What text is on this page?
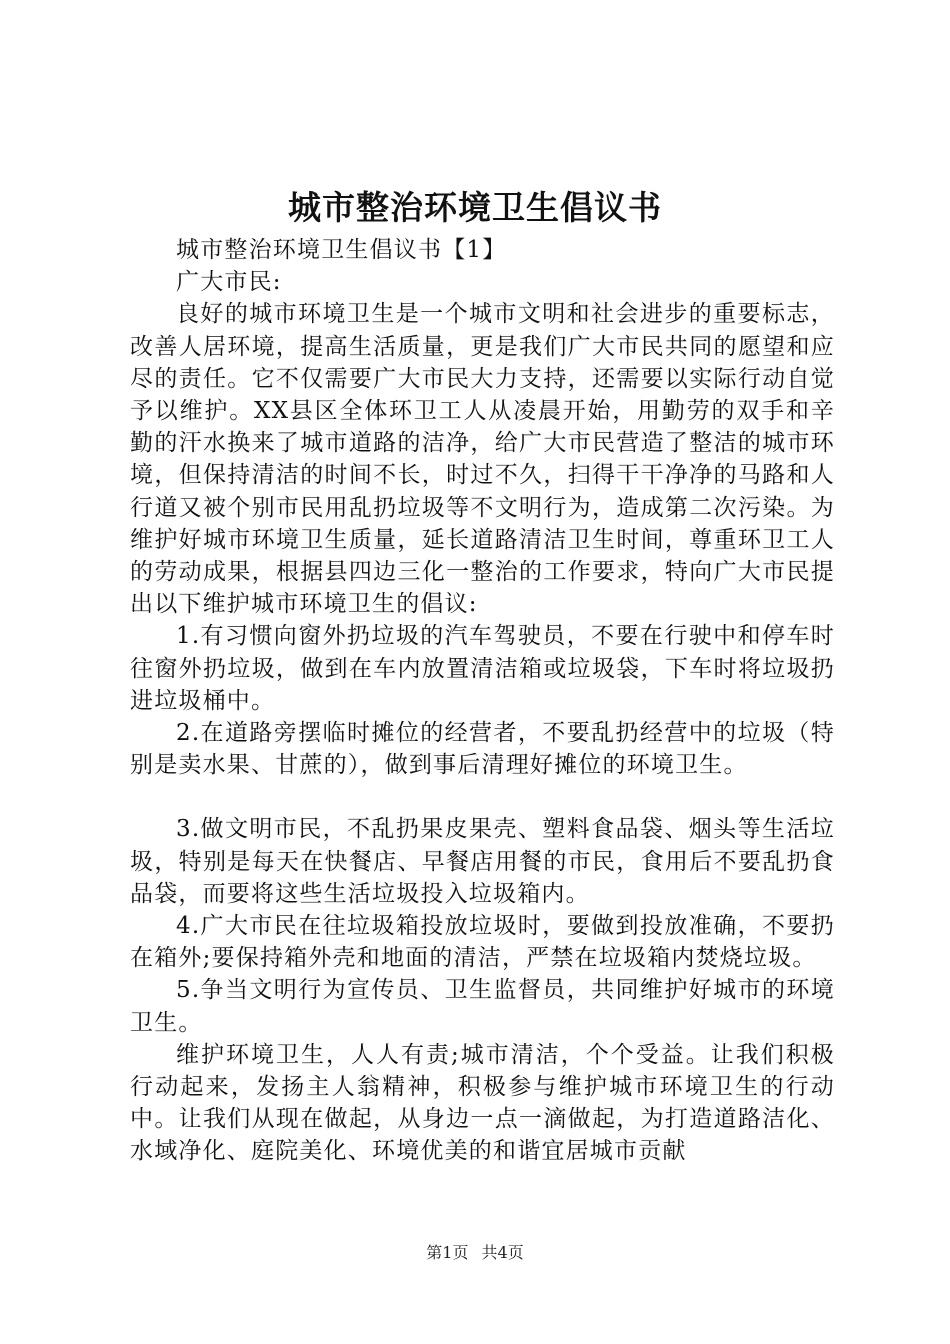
城市整治环境卫生倡议书

城市整治环境卫生倡议书【1】

广大市民:

良好的城市环境卫生是一个城市文明和社会进步的重要标志，改善人居环境，提高生活质量，更是我们广大市民共同的愿望和应尽的责任。它不仅需要广大市民大力支持，还需要以实际行动自觉予以维护。XX县区全体环卫工人从凌晨开始，用勤劳的双手和辛勤的汗水换来了城市道路的洁净，给广大市民营造了整洁的城市环境，但保持清洁的时间不长，时过不久，扫得干干净净的马路和人行道又被个别市民用乱扔垃圾等不文明行为，造成第二次污染。为维护好城市环境卫生质量，延长道路清洁卫生时间，尊重环卫工人的劳动成果，根据县四边三化一整治的工作要求，特向广大市民提出以下维护城市环境卫生的倡议:

1.有习惯向窗外扔垃圾的汽车驾驶员，不要在行驶中和停车时往窗外扔垃圾，做到在车内放置清洁箱或垃圾袋，下车时将垃圾扔进垃圾桶中。

2.在道路旁摆临时摊位的经营者，不要乱扔经营中的垃圾（特别是卖水果、甘蔗的），做到事后清理好摊位的环境卫生。

3.做文明市民，不乱扔果皮果壳、塑料食品袋、烟头等生活垃圾，特别是每天在快餐店、早餐店用餐的市民，食用后不要乱扔食品袋，而要将这些生活垃圾投入垃圾箱内。

4.广大市民在往垃圾箱投放垃圾时，要做到投放准确，不要扔在箱外;要保持箱外壳和地面的清洁，严禁在垃圾箱内焚烧垃圾。

5.争当文明行为宣传员、卫生监督员，共同维护好城市的环境卫生。

维护环境卫生，人人有责;城市清洁，个个受益。让我们积极行动起来，发扬主人翁精神，积极参与维护城市环境卫生的行动中。让我们从现在做起，从身边一点一滴做起，为打造道路洁化、水域净化、庭院美化、环境优美的和谐宜居城市贡献

第1页 共4页
